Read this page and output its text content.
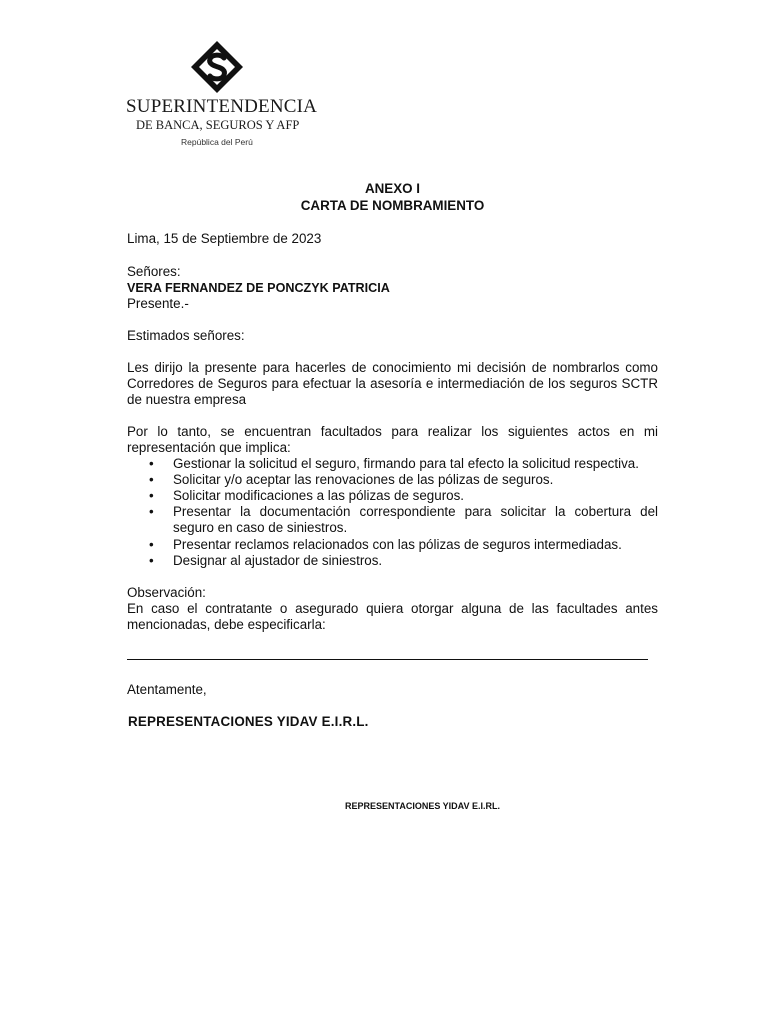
SUPERINTENDENCIA
DE BANCA, SEGUROS Y AFP
República del Perú
ANEXO I
CARTA DE NOMBRAMIENTO

Lima, 15 de Septiembre de 2023

Señores:

VERA FERNANDEZ DE PONCZYK PATRICIA

Presente.-

Estimados señores:

Les dirijo la presente para hacerles de conocimiento mi decisión de nombrarlos como Corredores de Seguros para efectuar la asesoría e intermediación de los seguros SCTR de nuestra empresa

Por lo tanto, se encuentran facultados para realizar los siguientes actos en mi representación que implica:

• Gestionar la solicitud el seguro, firmando para tal efecto la solicitud respectiva.
• Solicitar y/o aceptar las renovaciones de las pólizas de seguros.
• Solicitar modificaciones a las pólizas de seguros.
• Presentar la documentación correspondiente para solicitar la cobertura del seguro en caso de siniestros.
• Presentar reclamos relacionados con las pólizas de seguros intermediadas.
• Designar al ajustador de siniestros.

Observación:

En caso el contratante o asegurado quiera otorgar alguna de las facultades antes mencionadas, debe especificarla:

Atentamente,

REPRESENTACIONES YIDAV E.I.R.L.

REPRESENTACIONES YIDAV E.I.RL.
